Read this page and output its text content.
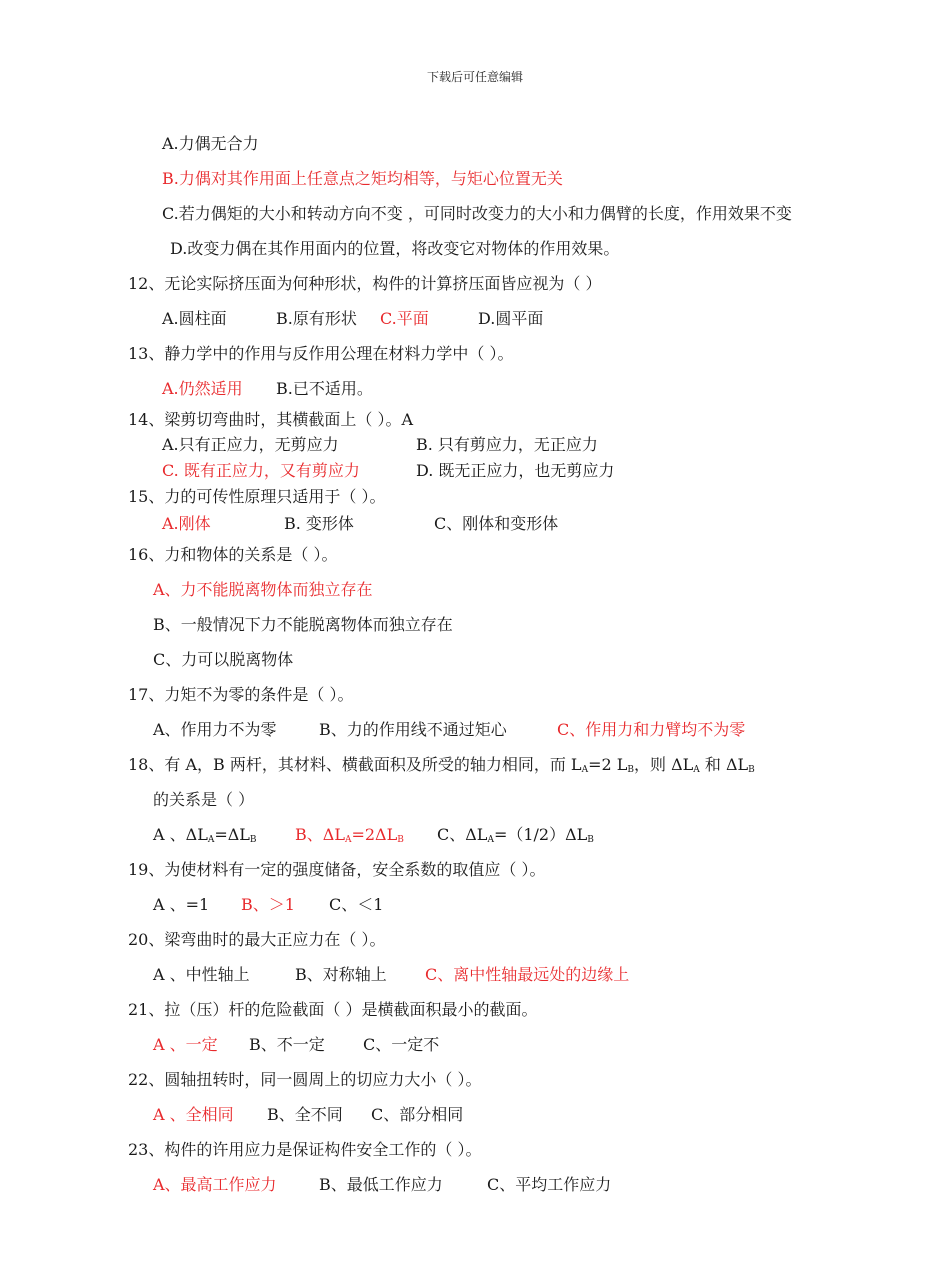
下载后可任意编辑
A.力偶无合力
B.力偶对其作用面上任意点之矩均相等，与矩心位置无关
C.若力偶矩的大小和转动方向不变 ，可同时改变力的大小和力偶臂的长度，作用效果不变
D.改变力偶在其作用面内的位置，将改变它对物体的作用效果。
12、无论实际挤压面为何种形状，构件的计算挤压面皆应视为（ ）
A.圆柱面	B.原有形状 C.平面	D.圆平面
13、静力学中的作用与反作用公理在材料力学中（ ）。
A.仍然适用 B.已不适用。
14、梁剪切弯曲时，其横截面上（ ）。A
A.只有正应力，无剪应力	B. 只有剪应力，无正应力
C. 既有正应力，又有剪应力	D. 既无正应力，也无剪应力
15、力的可传性原理只适用于（ ）。
A.刚体	B. 变形体	C、刚体和变形体
16、力和物体的关系是（ ）。
A、力不能脱离物体而独立存在
B、一般情况下力不能脱离物体而独立存在
C、力可以脱离物体
17、力矩不为零的条件是（ ）。
A、作用力不为零	B、力的作用线不通过矩心	C、作用力和力臂均不为零
18、有 A，B 两杆，其材料、横截面积及所受的轴力相同，而 $L_A=2$ $L_B$，则 $\Delta L_A$ 和 $\Delta L_B$
的关系是（ ）
A 、$\Delta L_A=\Delta L_B$ B、$\Delta L_A=2\Delta L_B$ C、$\Delta L_A=(1/2)\Delta L_B$
19、为使材料有一定的强度储备，安全系数的取值应（ ）。
A 、=1 B、＞1 C、＜1
20、梁弯曲时的最大正应力在（ ）。
A 、中性轴上	B、对称轴上 C、离中性轴最远处的边缘上
21、拉（压）杆的危险截面（ ）是横截面积最小的截面。
A 、一定 B、不一定 C、一定不
22、圆轴扭转时，同一圆周上的切应力大小（ ）。
A 、全相同 B、全不同 C、部分相同
23、构件的许用应力是保证构件安全工作的（ ）。
A、最高工作应力	B、最低工作应力	C、平均工作应力
